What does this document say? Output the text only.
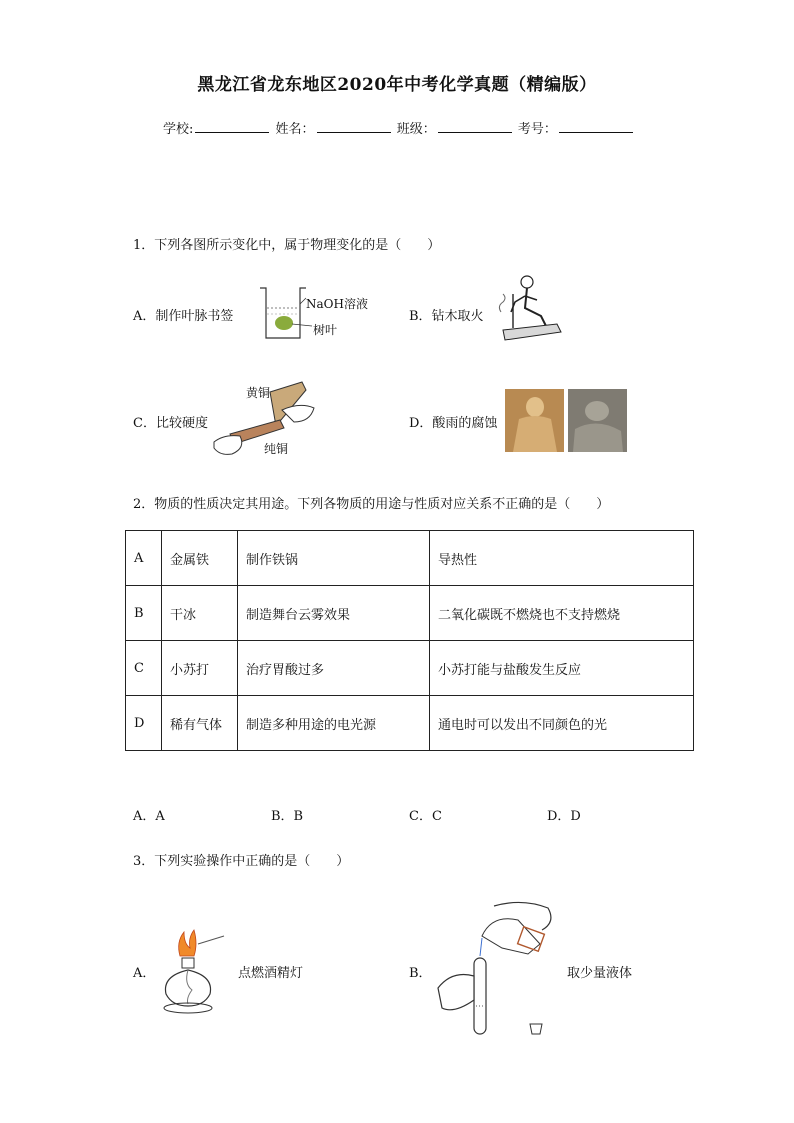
黑龙江省龙东地区2020年中考化学真题（精编版）
学校:	姓名：	班级：	考号：
1．下列各图所示变化中，属于物理变化的是（　　）
A．制作叶脉书签
NaOH溶液
树叶
B．钻木取火
C．比较硬度
黄铜
纯铜
D．酸雨的腐蚀
2．物质的性质决定其用途。下列各物质的用途与性质对应关系不正确的是（　　）
A	金属铁	制作铁锅	导热性
B	干冰	制造舞台云雾效果	二氧化碳既不燃烧也不支持燃烧
C	小苏打	治疗胃酸过多	小苏打能与盐酸发生反应
D	稀有气体	制造多种用途的电光源	通电时可以发出不同颜色的光
A．A	B．B	C．C	D．D
3．下列实验操作中正确的是（　　）
A．	点燃酒精灯	B．	取少量液体
